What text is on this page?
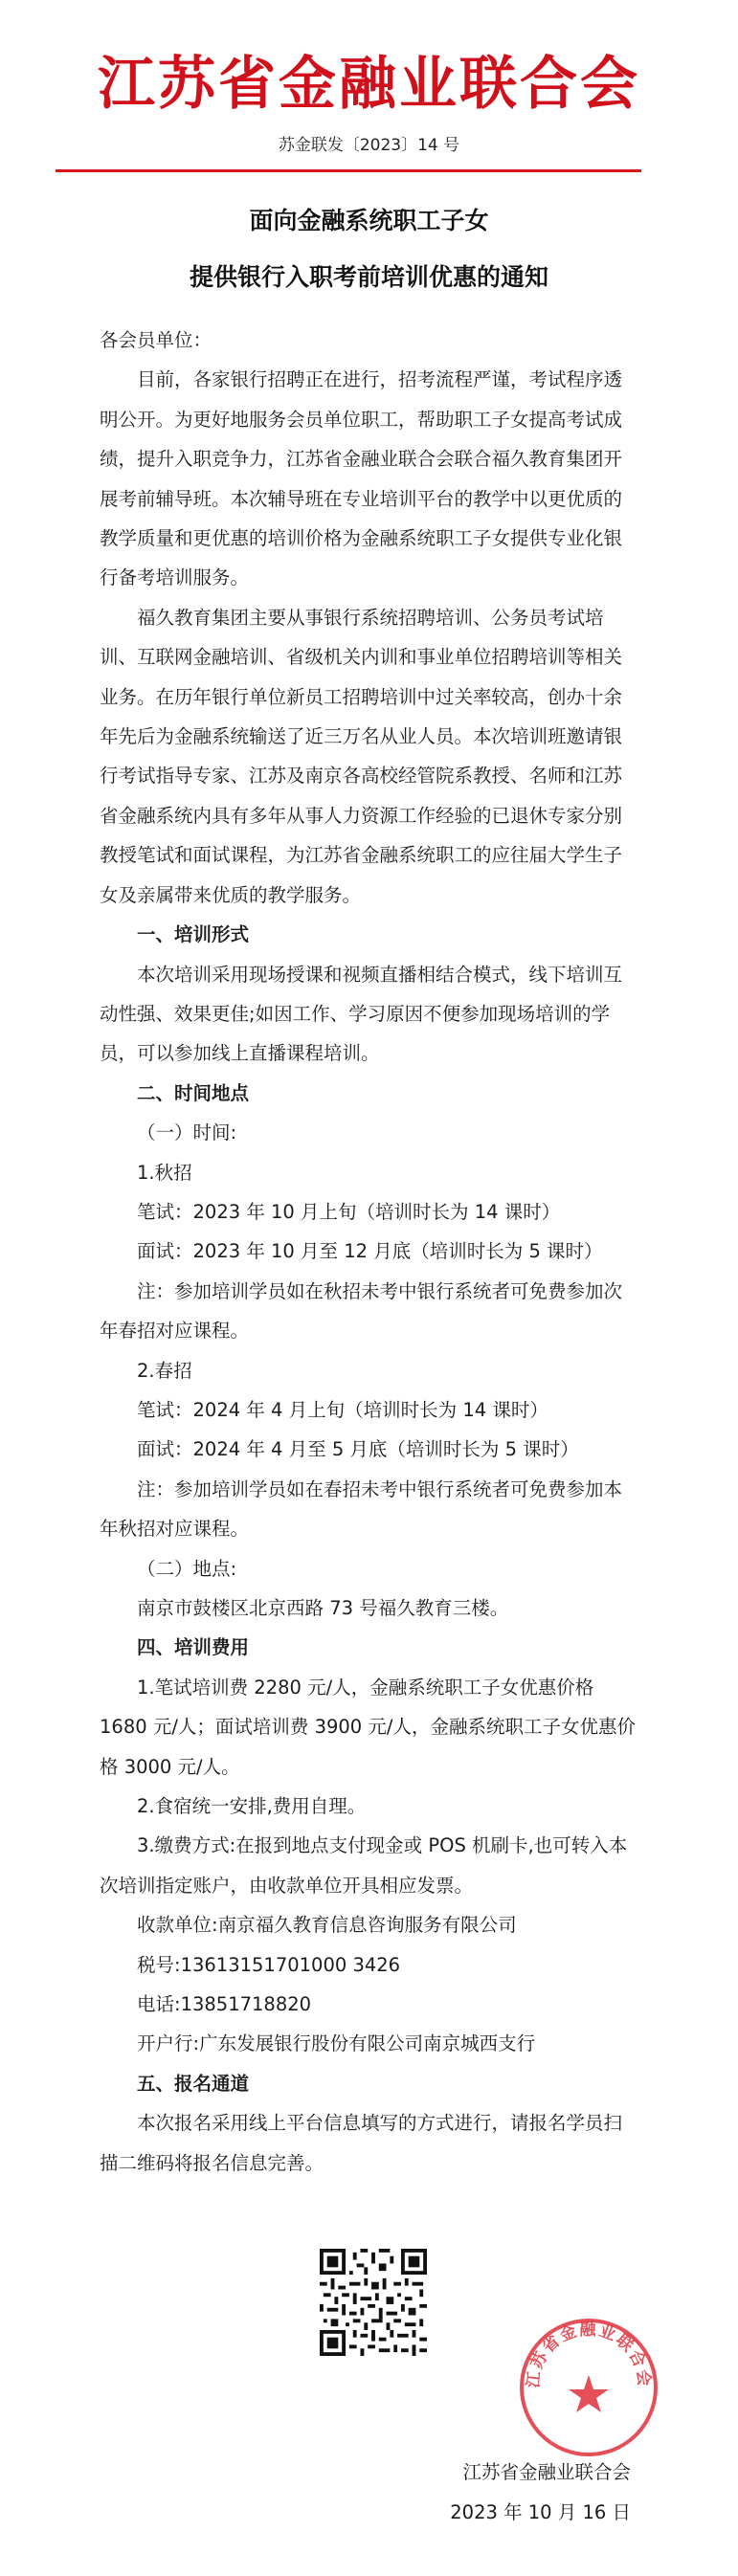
江苏省金融业联合会
苏金联发〔2023〕14 号
面向金融系统职工子女
提供银行入职考前培训优惠的通知

各会员单位：

目前，各家银行招聘正在进行，招考流程严谨，考试程序透明公开。为更好地服务会员单位职工，帮助职工子女提高考试成绩，提升入职竞争力，江苏省金融业联合会联合福久教育集团开展考前辅导班。本次辅导班在专业培训平台的教学中以更优质的教学质量和更优惠的培训价格为金融系统职工子女提供专业化银行备考培训服务。

福久教育集团主要从事银行系统招聘培训、公务员考试培训、互联网金融培训、省级机关内训和事业单位招聘培训等相关业务。在历年银行单位新员工招聘培训中过关率较高，创办十余年先后为金融系统输送了近三万名从业人员。本次培训班邀请银行考试指导专家、江苏及南京各高校经管院系教授、名师和江苏省金融系统内具有多年从事人力资源工作经验的已退休专家分别教授笔试和面试课程，为江苏省金融系统职工的应往届大学生子女及亲属带来优质的教学服务。

一、培训形式

本次培训采用现场授课和视频直播相结合模式，线下培训互动性强、效果更佳;如因工作、学习原因不便参加现场培训的学员，可以参加线上直播课程培训。

二、时间地点

（一）时间:

1.秋招

笔试：2023 年 10 月上旬（培训时长为 14 课时）

面试：2023 年 10 月至 12 月底（培训时长为 5 课时）

注：参加培训学员如在秋招未考中银行系统者可免费参加次年春招对应课程。

2.春招

笔试：2024 年 4 月上旬（培训时长为 14 课时）

面试：2024 年 4 月至 5 月底（培训时长为 5 课时）

注：参加培训学员如在春招未考中银行系统者可免费参加本年秋招对应课程。

（二）地点:

南京市鼓楼区北京西路 73 号福久教育三楼。

四、培训费用

1.笔试培训费 2280 元/人，金融系统职工子女优惠价格 1680 元/人；面试培训费 3900 元/人，金融系统职工子女优惠价格 3000 元/人。

2.食宿统一安排,费用自理。

3.缴费方式:在报到地点支付现金或 POS 机刷卡,也可转入本次培训指定账户，由收款单位开具相应发票。

收款单位:南京福久教育信息咨询服务有限公司

税号:13613151701000 3426

电话:13851718820

开户行:广东发展银行股份有限公司南京城西支行

五、报名通道

本次报名采用线上平台信息填写的方式进行，请报名学员扫描二维码将报名信息完善。

江苏省金融业联合会
江苏省金融业联合会
2023 年 10 月 16 日
